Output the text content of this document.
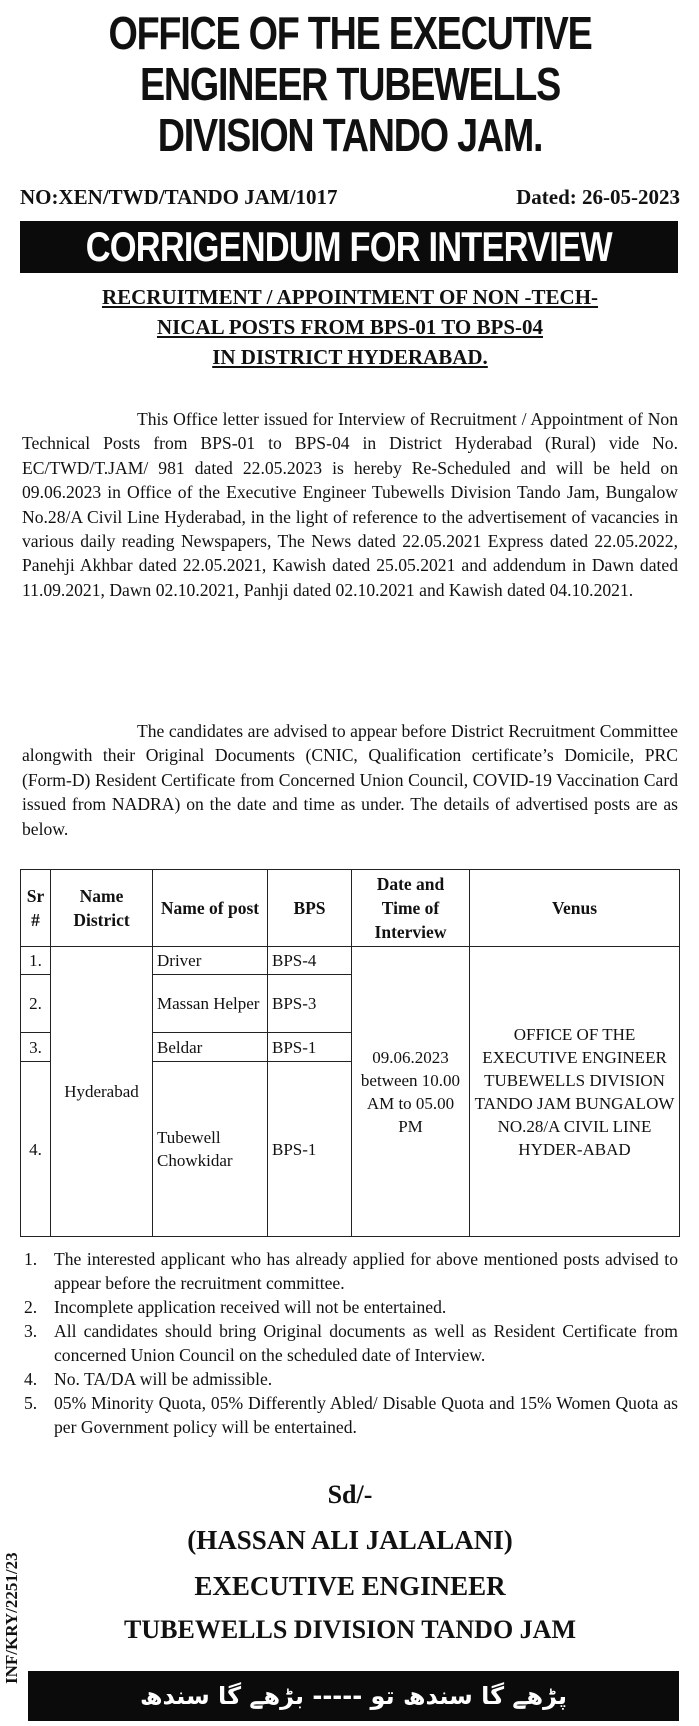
OFFICE OF THE EXECUTIVE
ENGINEER TUBEWELLS
DIVISION TANDO JAM.
NO:XEN/TWD/TANDO JAM/1017	Dated: 26-05-2023
CORRIGENDUM FOR INTERVIEW
RECRUITMENT / APPOINTMENT OF NON -TECH-
NICAL POSTS FROM BPS-01 TO BPS-04
IN DISTRICT HYDERABAD.
This Office letter issued for Interview of Recruitment / Appointment of Non Technical Posts from BPS-01 to BPS-04 in District Hyderabad (Rural) vide No. EC/TWD/T.JAM/ 981 dated 22.05.2023 is hereby Re-Scheduled and will be held on 09.06.2023 in Office of the Executive Engineer Tubewells Division Tando Jam, Bungalow No.28/A Civil Line Hyderabad, in the light of reference to the advertisement of vacancies in various daily reading Newspapers, The News dated 22.05.2021 Express dated 22.05.2022, Panehji Akhbar dated 22.05.2021, Kawish dated 25.05.2021 and addendum in Dawn dated 11.09.2021, Dawn 02.10.2021, Panhji dated 02.10.2021 and Kawish dated 04.10.2021.
The candidates are advised to appear before District Recruitment Committee alongwith their Original Documents (CNIC, Qualification certificate’s Domicile, PRC (Form-D) Resident Certificate from Concerned Union Council, COVID-19 Vaccination Card issued from NADRA) on the date and time as under. The details of advertised posts are as below.
Sr #	Name District	Name of post	BPS	Date and Time of Interview	Venus
1.	Hyderabad	Driver	BPS-4	09.06.2023 between 10.00 AM to 05.00 PM	OFFICE OF THE EXECUTIVE ENGINEER TUBEWELLS DIVISION TANDO JAM BUNGALOW NO.28/A CIVIL LINE HYDER-ABAD
2.		Massan Helper	BPS-3		
3.		Beldar	BPS-1		
4.		Tubewell Chowkidar	BPS-1		
1. The interested applicant who has already applied for above mentioned posts advised to appear before the recruitment committee.
2. Incomplete application received will not be entertained.
3. All candidates should bring Original documents as well as Resident Certificate from concerned Union Council on the scheduled date of Interview.
4. No. TA/DA will be admissible.
5. 05% Minority Quota, 05% Differently Abled/ Disable Quota and 15% Women Quota as per Government policy will be entertained.
Sd/-
(HASSAN ALI JALALANI)
EXECUTIVE ENGINEER
TUBEWELLS DIVISION TANDO JAM
INF/KRY/2251/23
پڑھے گا سندھ تو ----- بڑھے گا سندھ
